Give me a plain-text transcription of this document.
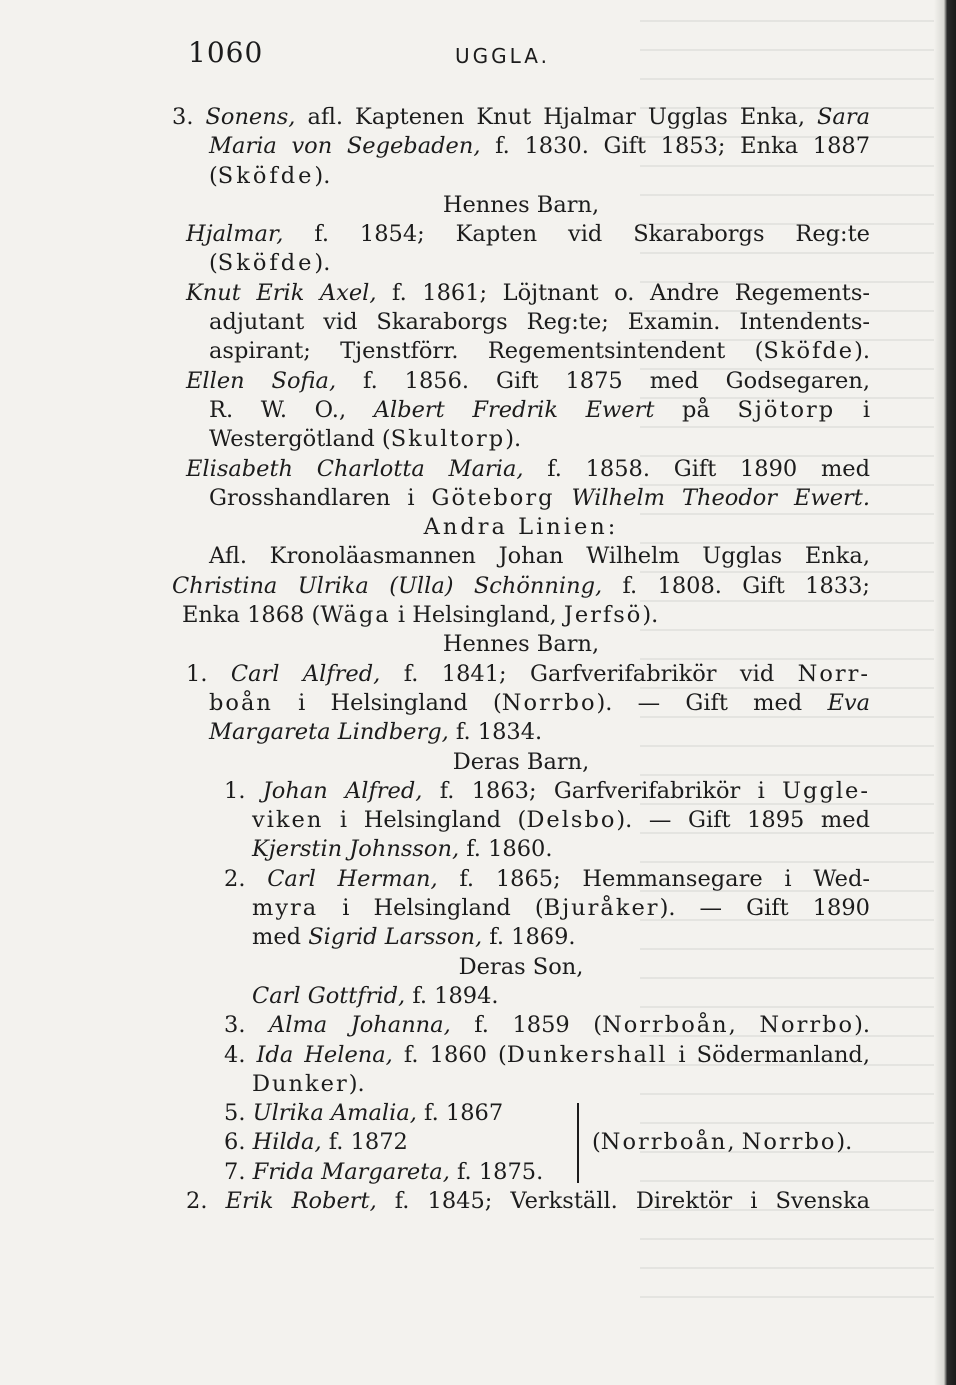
1060	UGGLA.
3. Sonens, afl. Kaptenen Knut Hjalmar Ugglas Enka, Sara
Maria von Segebaden, f. 1830. Gift 1853; Enka 1887
(Sköfde).
Hennes Barn,
Hjalmar, f. 1854; Kapten vid Skaraborgs Reg:te
(Sköfde).
Knut Erik Axel, f. 1861; Löjtnant o. Andre Regements-
adjutant vid Skaraborgs Reg:te; Examin. Intendents-
aspirant; Tjenstförr. Regementsintendent (Sköfde).
Ellen Sofia, f. 1856. Gift 1875 med Godsegaren,
R. W. O., Albert Fredrik Ewert på Sjötorp i
Westergötland (Skultorp).
Elisabeth Charlotta Maria, f. 1858. Gift 1890 med
Grosshandlaren i Göteborg Wilhelm Theodor Ewert.
Andra Linien:
Afl. Kronoläasmannen Johan Wilhelm Ugglas Enka,
Christina Ulrika (Ulla) Schönning, f. 1808. Gift 1833;
Enka 1868 (Wäga i Helsingland, Jerfsö).
Hennes Barn,
1. Carl Alfred, f. 1841; Garfverifabrikör vid Norr-
boån i Helsingland (Norrbo). — Gift med Eva
Margareta Lindberg, f. 1834.
Deras Barn,
1. Johan Alfred, f. 1863; Garfverifabrikör i Uggle-
viken i Helsingland (Delsbo). — Gift 1895 med
Kjerstin Johnsson, f. 1860.
2. Carl Herman, f. 1865; Hemmansegare i Wed-
myra i Helsingland (Bjuråker). — Gift 1890
med Sigrid Larsson, f. 1869.
Deras Son,
Carl Gottfrid, f. 1894.
3. Alma Johanna, f. 1859 (Norrboån, Norrbo).
4. Ida Helena, f. 1860 (Dunkershall i Södermanland,
Dunker).
5. Ulrika Amalia, f. 1867
6. Hilda, f. 1872
7. Frida Margareta, f. 1875.
(Norrboån, Norrbo).
2. Erik Robert, f. 1845; Verkställ. Direktör i Svenska
